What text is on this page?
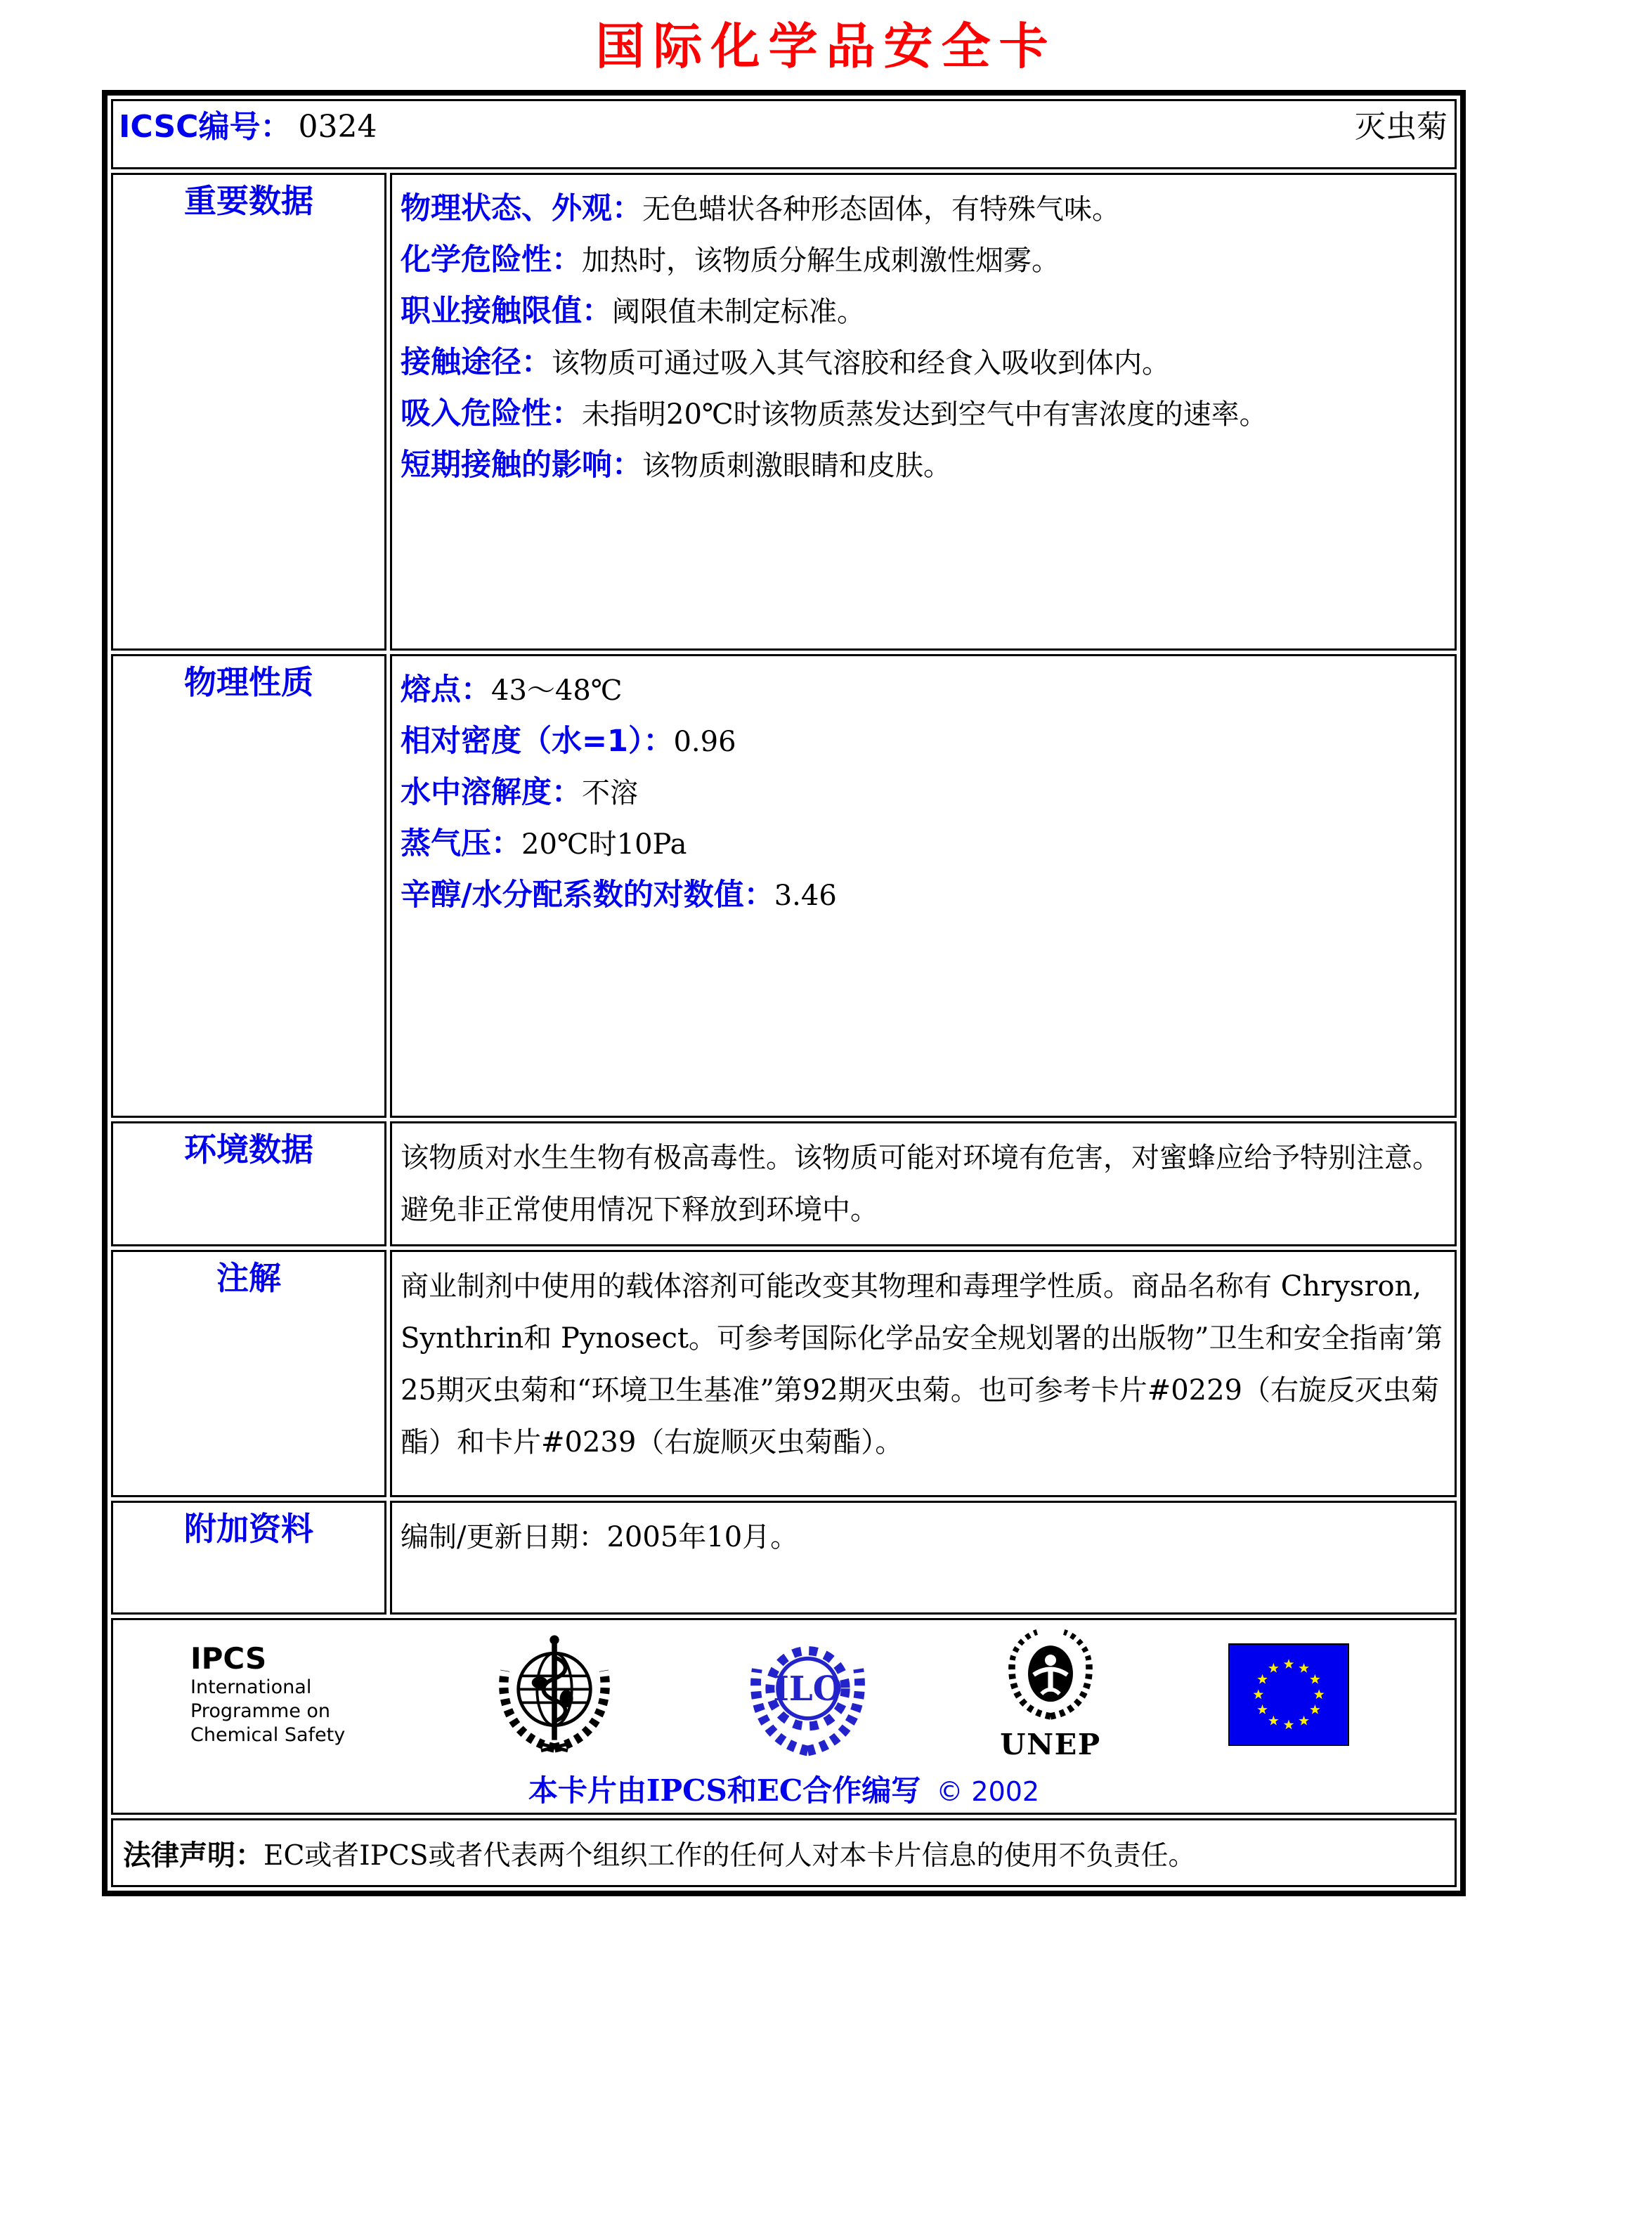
国际化学品安全卡
ICSC编号： 0324 灭虫菊	

重要数据	物理状态、外观：无色蜡状各种形态固体，有特殊气味。
化学危险性：加热时，该物质分解生成刺激性烟雾。
职业接触限值：阈限值未制定标准。
接触途径：该物质可通过吸入其气溶胶和经食入吸收到体内。
吸入危险性：未指明20℃时该物质蒸发达到空气中有害浓度的速率。
短期接触的影响：该物质刺激眼睛和皮肤。

物理性质	熔点：43～48℃
相对密度（水=1）：0.96
水中溶解度：不溶
蒸气压：20℃时10Pa
辛醇/水分配系数的对数值：3.46

环境数据	该物质对水生生物有极高毒性。该物质可能对环境有危害，对蜜蜂应给予特别注意。避免非正常使用情况下释放到环境中。

注解	商业制剂中使用的载体溶剂可能改变其物理和毒理学性质。商品名称有 Chrysron, Synthrin和 Pynosect。可参考国际化学品安全规划署的出版物”卫生和安全指南’第25期灭虫菊和“环境卫生基准”第92期灭虫菊。也可参考卡片#0229（右旋反灭虫菊酯）和卡片#0239（右旋顺灭虫菊酯）。

附加资料	编制/更新日期：2005年10月。

IPCS
International
Programme on
Chemical Safety
ILO
UNEP
本卡片由IPCS和EC合作编写 © 2002

法律声明：EC或者IPCS或者代表两个组织工作的任何人对本卡片信息的使用不负责任。	
